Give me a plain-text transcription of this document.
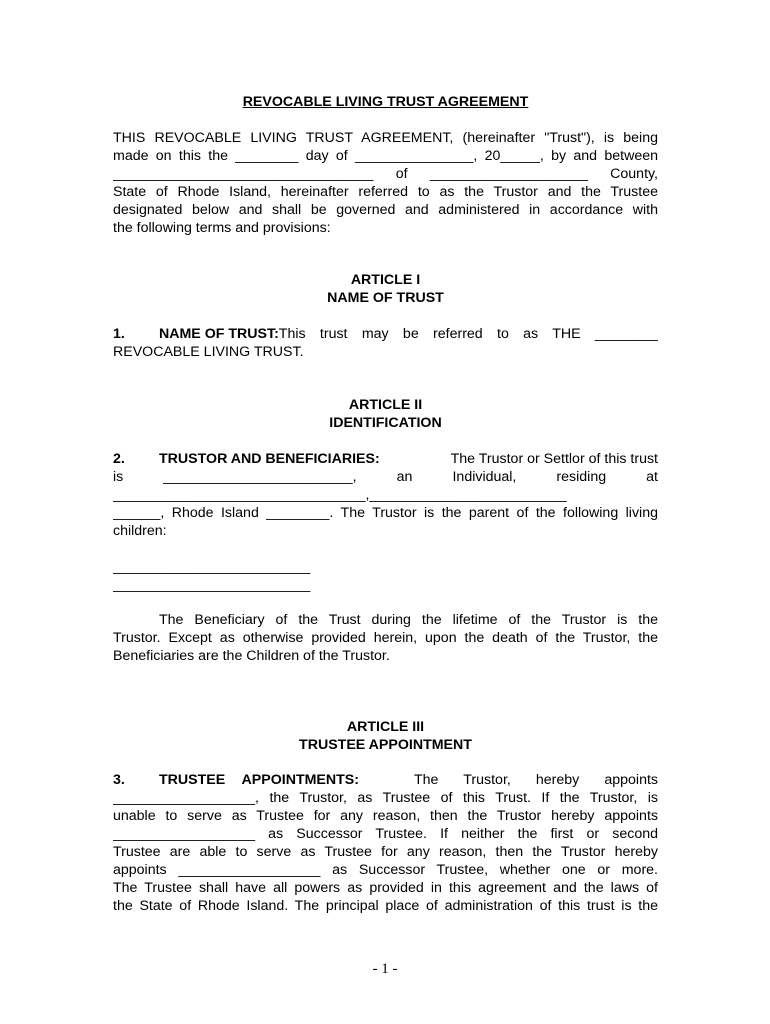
REVOCABLE LIVING TRUST AGREEMENT
THIS REVOCABLE LIVING TRUST AGREEMENT, (hereinafter "Trust"), is being
made on this the ________ day of _______________, 20_____, by and between
_________________________________ of ____________________ County,
State of Rhode Island, hereinafter referred to as the Trustor and the Trustee
designated below and shall be governed and administered in accordance with
the following terms and provisions:
ARTICLE I
NAME OF TRUST
1.	NAME OF TRUST: This trust may be referred to as THE ________
REVOCABLE LIVING TRUST.
ARTICLE II
IDENTIFICATION
2.	TRUSTOR AND BENEFICIARIES:	The Trustor or Settlor of this trust
is ________________________, an Individual, residing at
________________________________,_________________________
______, Rhode Island ________. The Trustor is the parent of the following living
children:
_________________________
_________________________
The Beneficiary of the Trust during the lifetime of the Trustor is the
Trustor. Except as otherwise provided herein, upon the death of the Trustor, the
Beneficiaries are the Children of the Trustor.
ARTICLE III
TRUSTEE APPOINTMENT
3.	TRUSTEE APPOINTMENTS:	The Trustor, hereby appoints
__________________, the Trustor, as Trustee of this Trust. If the Trustor, is
unable to serve as Trustee for any reason, then the Trustor hereby appoints
__________________ as Successor Trustee. If neither the first or second
Trustee are able to serve as Trustee for any reason, then the Trustor hereby
appoints __________________ as Successor Trustee, whether one or more.
The Trustee shall have all powers as provided in this agreement and the laws of
the State of Rhode Island. The principal place of administration of this trust is the
- 1 -
